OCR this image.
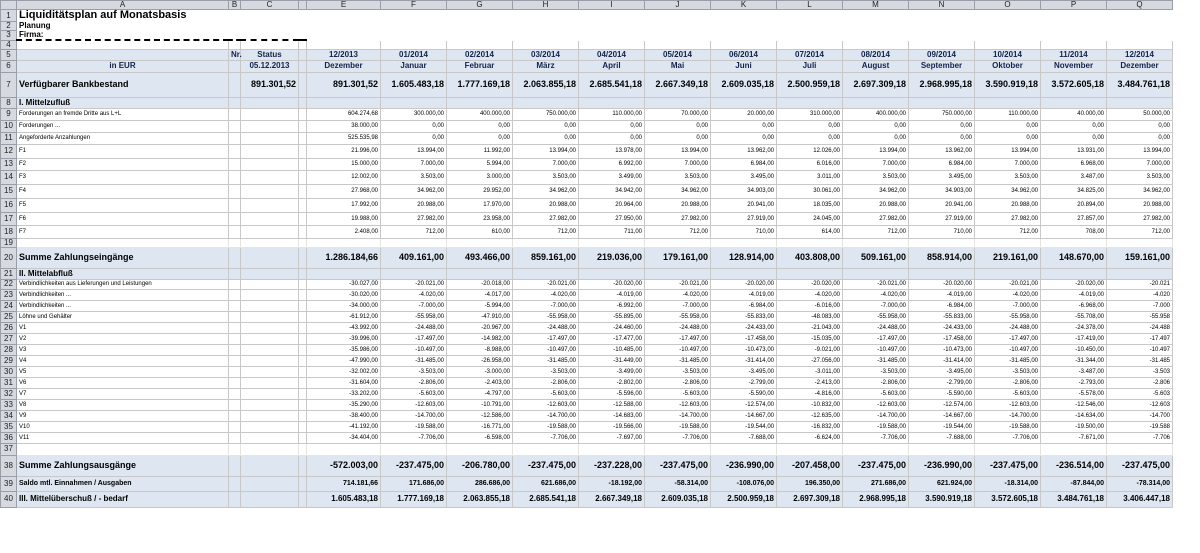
	A	B	C		E	F	G	H	I	J	K	L	M	N	O	P	Q
1	Liquiditätsplan auf Monatsbasis																
2	Planung																
3	Firma:																
4																	
5		Nr.	Status		12/2013	01/2014	02/2014	03/2014	04/2014	05/2014	06/2014	07/2014	08/2014	09/2014	10/2014	11/2014	12/2014
6	in EUR		05.12.2013		Dezember	Januar	Februar	März	April	Mai	Juni	Juli	August	September	Oktober	November	Dezember
7	Verfügbarer Bankbestand		891.301,52		891.301,52	1.605.483,18	1.777.169,18	2.063.855,18	2.685.541,18	2.667.349,18	2.609.035,18	2.500.959,18	2.697.309,18	2.968.995,18	3.590.919,18	3.572.605,18	3.484.761,18
8	I. Mittelzufluß																
9	Forderungen an fremde Dritte aus L+L				604.274,68	300.000,00	400.000,00	750.000,00	110.000,00	70.000,00	20.000,00	310.000,00	400.000,00	750.000,00	110.000,00	40.000,00	50.000,00
10	Forderungen ...				38.000,00	0,00	0,00	0,00	0,00	0,00	0,00	0,00	0,00	0,00	0,00	0,00	0,00
11	Angeforderte Anzahlungen				525.535,98	0,00	0,00	0,00	0,00	0,00	0,00	0,00	0,00	0,00	0,00	0,00	0,00
12	F1				21.996,00	13.994,00	11.992,00	13.994,00	13.978,00	13.994,00	13.962,00	12.026,00	13.994,00	13.962,00	13.994,00	13.931,00	13.994,00
13	F2				15.000,00	7.000,00	5.994,00	7.000,00	6.992,00	7.000,00	6.984,00	6.016,00	7.000,00	6.984,00	7.000,00	6.968,00	7.000,00
14	F3				12.002,00	3.503,00	3.000,00	3.503,00	3.499,00	3.503,00	3.495,00	3.011,00	3.503,00	3.495,00	3.503,00	3.487,00	3.503,00
15	F4				27.968,00	34.962,00	29.952,00	34.962,00	34.942,00	34.962,00	34.903,00	30.061,00	34.962,00	34.903,00	34.962,00	34.825,00	34.962,00
16	F5				17.992,00	20.988,00	17.970,00	20.988,00	20.964,00	20.988,00	20.941,00	18.035,00	20.988,00	20.941,00	20.988,00	20.894,00	20.988,00
17	F6				19.988,00	27.982,00	23.958,00	27.982,00	27.950,00	27.982,00	27.919,00	24.045,00	27.982,00	27.919,00	27.982,00	27.857,00	27.982,00
18	F7				2.408,00	712,00	610,00	712,00	711,00	712,00	710,00	614,00	712,00	710,00	712,00	708,00	712,00
19																	
20	Summe Zahlungseingänge				1.286.184,66	409.161,00	493.466,00	859.161,00	219.036,00	179.161,00	128.914,00	403.808,00	509.161,00	858.914,00	219.161,00	148.670,00	159.161,00
21	II. Mittelabfluß																
22	Verbindlichkeiten aus Lieferungen und Leistungen				-30.027,00	-20.021,00	-20.018,00	-20.021,00	-20.020,00	-20.021,00	-20.020,00	-20.020,00	-20.021,00	-20.020,00	-20.021,00	-20.020,00	-20.021
23	Verbindlichkeiten ...				-30.020,00	-4.020,00	-4.017,00	-4.020,00	-4.019,00	-4.020,00	-4.019,00	-4.020,00	-4.020,00	-4.019,00	-4.020,00	-4.019,00	-4.020
24	Verbindlichkeiten ...				-34.000,00	-7.000,00	-5.994,00	-7.000,00	-6.992,00	-7.000,00	-6.984,00	-6.016,00	-7.000,00	-6.984,00	-7.000,00	-6.968,00	-7.000
25	Löhne und Gehälter				-61.912,00	-55.958,00	-47.910,00	-55.958,00	-55.895,00	-55.958,00	-55.833,00	-48.083,00	-55.958,00	-55.833,00	-55.958,00	-55.708,00	-55.958
26	V1				-43.992,00	-24.488,00	-20.967,00	-24.488,00	-24.460,00	-24.488,00	-24.433,00	-21.043,00	-24.488,00	-24.433,00	-24.488,00	-24.378,00	-24.488
27	V2				-39.996,00	-17.497,00	-14.982,00	-17.497,00	-17.477,00	-17.497,00	-17.458,00	-15.035,00	-17.497,00	-17.458,00	-17.497,00	-17.419,00	-17.497
28	V3				-35.986,00	-10.497,00	-8.988,00	-10.497,00	-10.485,00	-10.497,00	-10.473,00	-9.021,00	-10.497,00	-10.473,00	-10.497,00	-10.450,00	-10.497
29	V4				-47.990,00	-31.485,00	-26.958,00	-31.485,00	-31.449,00	-31.485,00	-31.414,00	-27.056,00	-31.485,00	-31.414,00	-31.485,00	-31.344,00	-31.485
30	V5				-32.002,00	-3.503,00	-3.000,00	-3.503,00	-3.499,00	-3.503,00	-3.495,00	-3.011,00	-3.503,00	-3.495,00	-3.503,00	-3.487,00	-3.503
31	V6				-31.604,00	-2.806,00	-2.403,00	-2.806,00	-2.802,00	-2.806,00	-2.799,00	-2.413,00	-2.806,00	-2.799,00	-2.806,00	-2.793,00	-2.806
32	V7				-33.202,00	-5.603,00	-4.797,00	-5.603,00	-5.596,00	-5.603,00	-5.590,00	-4.816,00	-5.603,00	-5.590,00	-5.603,00	-5.578,00	-5.603
33	V8				-35.290,00	-12.603,00	-10.791,00	-12.603,00	-12.588,00	-12.603,00	-12.574,00	-10.832,00	-12.603,00	-12.574,00	-12.603,00	-12.546,00	-12.603
34	V9				-38.400,00	-14.700,00	-12.586,00	-14.700,00	-14.683,00	-14.700,00	-14.667,00	-12.635,00	-14.700,00	-14.667,00	-14.700,00	-14.634,00	-14.700
35	V10				-41.192,00	-19.588,00	-16.771,00	-19.588,00	-19.566,00	-19.588,00	-19.544,00	-16.832,00	-19.588,00	-19.544,00	-19.588,00	-19.500,00	-19.588
36	V11				-34.404,00	-7.706,00	-6.598,00	-7.706,00	-7.697,00	-7.706,00	-7.688,00	-6.624,00	-7.706,00	-7.688,00	-7.706,00	-7.671,00	-7.706
37																	
38	Summe Zahlungsausgänge				-572.003,00	-237.475,00	-206.780,00	-237.475,00	-237.228,00	-237.475,00	-236.990,00	-207.458,00	-237.475,00	-236.990,00	-237.475,00	-236.514,00	-237.475,00
39	Saldo mtl. Einnahmen / Ausgaben				714.181,66	171.686,00	286.686,00	621.686,00	-18.192,00	-58.314,00	-108.076,00	196.350,00	271.686,00	621.924,00	-18.314,00	-87.844,00	-78.314,00
40	III. Mittelüberschuß / - bedarf				1.605.483,18	1.777.169,18	2.063.855,18	2.685.541,18	2.667.349,18	2.609.035,18	2.500.959,18	2.697.309,18	2.968.995,18	3.590.919,18	3.572.605,18	3.484.761,18	3.406.447,18
